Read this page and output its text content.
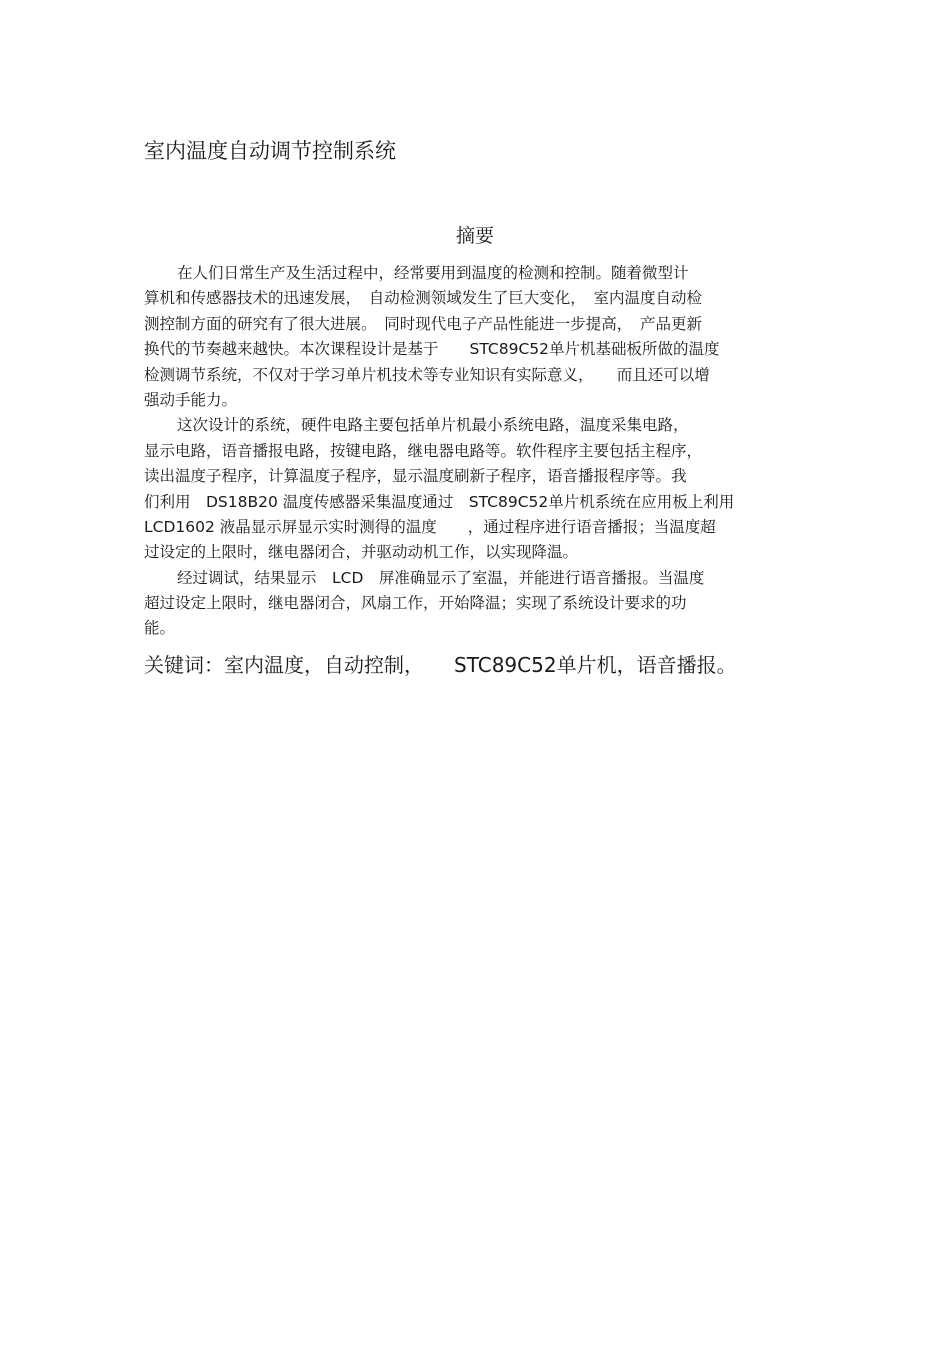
室内温度自动调节控制系统
摘要
在人们日常生产及生活过程中，经常要用到温度的检测和控制。随着微型计
算机和传感器技术的迅速发展，　自动检测领域发生了巨大变化，　室内温度自动检
测控制方面的研究有了很大进展。　同时现代电子产品性能进一步提高，　产品更新
换代的节奏越来越快。本次课程设计是基于　　STC89C52单片机基础板所做的温度
检测调节系统，不仅对于学习单片机技术等专业知识有实际意义，　　而且还可以增
强动手能力。
这次设计的系统，硬件电路主要包括单片机最小系统电路，温度采集电路，
显示电路，语音播报电路，按键电路，继电器电路等。软件程序主要包括主程序，
读出温度子程序，计算温度子程序，显示温度刷新子程序，语音播报程序等。我
们利用　DS18B20 温度传感器采集温度通过　STC89C52单片机系统在应用板上利用
LCD1602 液晶显示屏显示实时测得的温度　　，通过程序进行语音播报；当温度超
过设定的上限时，继电器闭合，并驱动动机工作，以实现降温。
经过调试，结果显示　LCD　屏准确显示了室温，并能进行语音播报。当温度
超过设定上限时，继电器闭合，风扇工作，开始降温；实现了系统设计要求的功
能。
关键词：室内温度，自动控制，　　STC89C52单片机，语音播报。
